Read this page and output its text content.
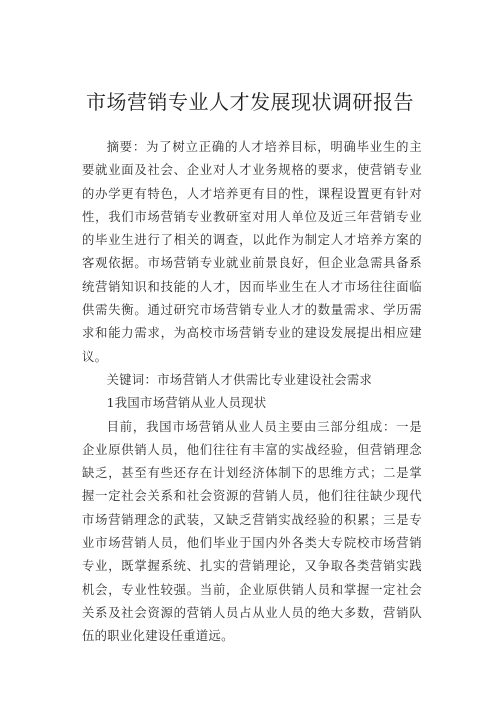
市场营销专业人才发展现状调研报告

摘要：为了树立正确的人才培养目标，明确毕业生的主要就业面及社会、企业对人才业务规格的要求，使营销专业的办学更有特色，人才培养更有目的性，课程设置更有针对性，我们市场营销专业教研室对用人单位及近三年营销专业的毕业生进行了相关的调查，以此作为制定人才培养方案的客观依据。市场营销专业就业前景良好，但企业急需具备系统营销知识和技能的人才，因而毕业生在人才市场往往面临供需失衡。通过研究市场营销专业人才的数量需求、学历需求和能力需求，为高校市场营销专业的建设发展提出相应建议。

关键词：市场营销人才供需比专业建设社会需求

1我国市场营销从业人员现状

目前，我国市场营销从业人员主要由三部分组成：一是企业原供销人员，他们往往有丰富的实战经验，但营销理念缺乏，甚至有些还存在计划经济体制下的思维方式；二是掌握一定社会关系和社会资源的营销人员，他们往往缺少现代市场营销理念的武装，又缺乏营销实战经验的积累；三是专业市场营销人员，他们毕业于国内外各类大专院校市场营销专业，既掌握系统、扎实的营销理论，又争取各类营销实践机会，专业性较强。当前，企业原供销人员和掌握一定社会关系及社会资源的营销人员占从业人员的绝大多数，营销队伍的职业化建设任重道远。
